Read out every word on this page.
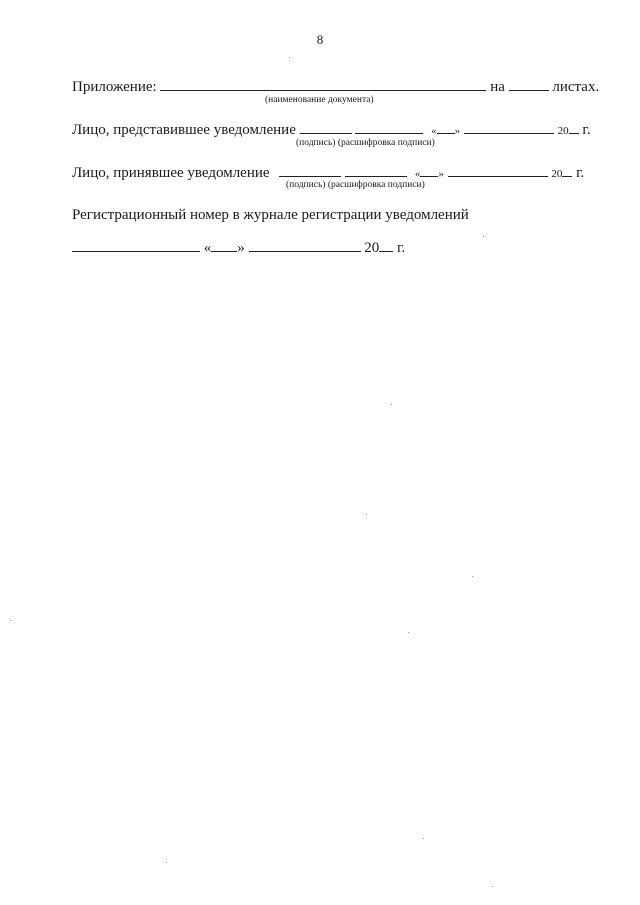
8
Приложение:	на	листах.
(наименование документа)
Лицо, представившее уведомление	« »	20 г.
(подпись) (расшифровка подписи)
Лицо, принявшее уведомление	« »	20 г.
(подпись) (расшифровка подписи)
Регистрационный номер в журнале регистрации уведомлений
« »	20 г.
